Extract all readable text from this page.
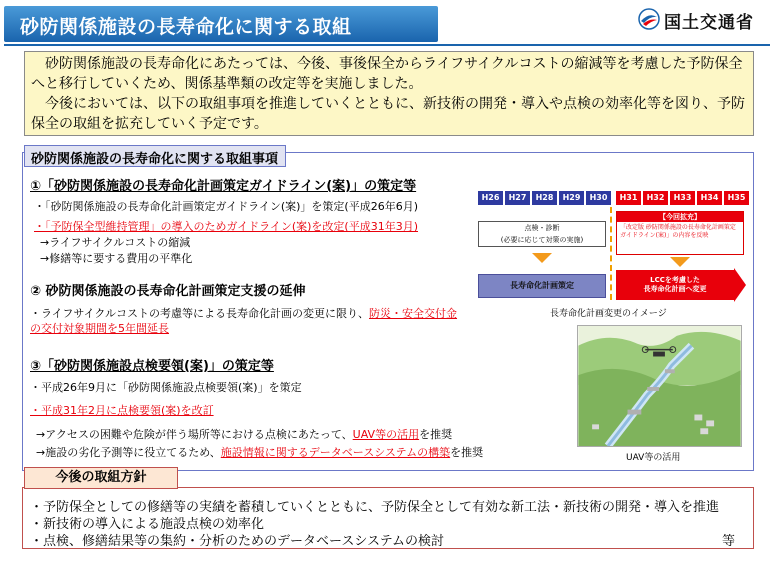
砂防関係施設の長寿命化に関する取組	国土交通省

砂防関係施設の長寿命化にあたっては、今後、事後保全からライフサイクルコストの縮減等を考慮した予防保全へと移行していくため、関係基準類の改定等を実施しました。

今後においては、以下の取組事項を推進していくとともに、新技術の開発・導入や点検の効率化等を図り、予防保全の取組を拡充していく予定です。

砂防関係施設の長寿命化に関する取組事項
①「砂防関係施設の長寿命化計画策定ガイドライン(案)」の策定等
・「砂防関係施設の長寿命化計画策定ガイドライン(案)」を策定(平成26年6月)
・「予防保全型維持管理」の導入のためガイドライン(案)を改定(平成31年3月)
→ライフサイクルコストの縮減
→修繕等に要する費用の平準化
② 砂防関係施設の長寿命化計画策定支援の延伸
・ライフサイクルコストの考慮等による長寿命化計画の変更に限り、防災・安全交付金
の交付対象期間を5年間延長
③「砂防関係施設点検要領(案)」の策定等
・平成26年9月に「砂防関係施設点検要領(案)」を策定
・平成31年2月に点検要領(案)を改訂
→アクセスの困難や危険が伴う場所等における点検にあたって、UAV等の活用を推奨
→施設の劣化予測等に役立てるため、施設情報に関するデータベースシステムの構築を推奨
H26	H27	H28	H29	H30	H31	H32	H33	H34	H35
点検・診断
(必要に応じて対策の実施)
【今回拡充】
「改定版 砂防関係施設の長寿命化計画策定ガイドライン(案)」の内容を反映
長寿命化計画策定
LCCを考慮した
長寿命化計画へ変更
長寿命化計画変更のイメージ
UAV等の活用
今後の取組方針
・予防保全としての修繕等の実績を蓄積していくとともに、予防保全として有効な新工法・新技術の開発・導入を推進
・新技術の導入による施設点検の効率化
・点検、修繕結果等の集約・分析のためのデータベースシステムの検討	等
